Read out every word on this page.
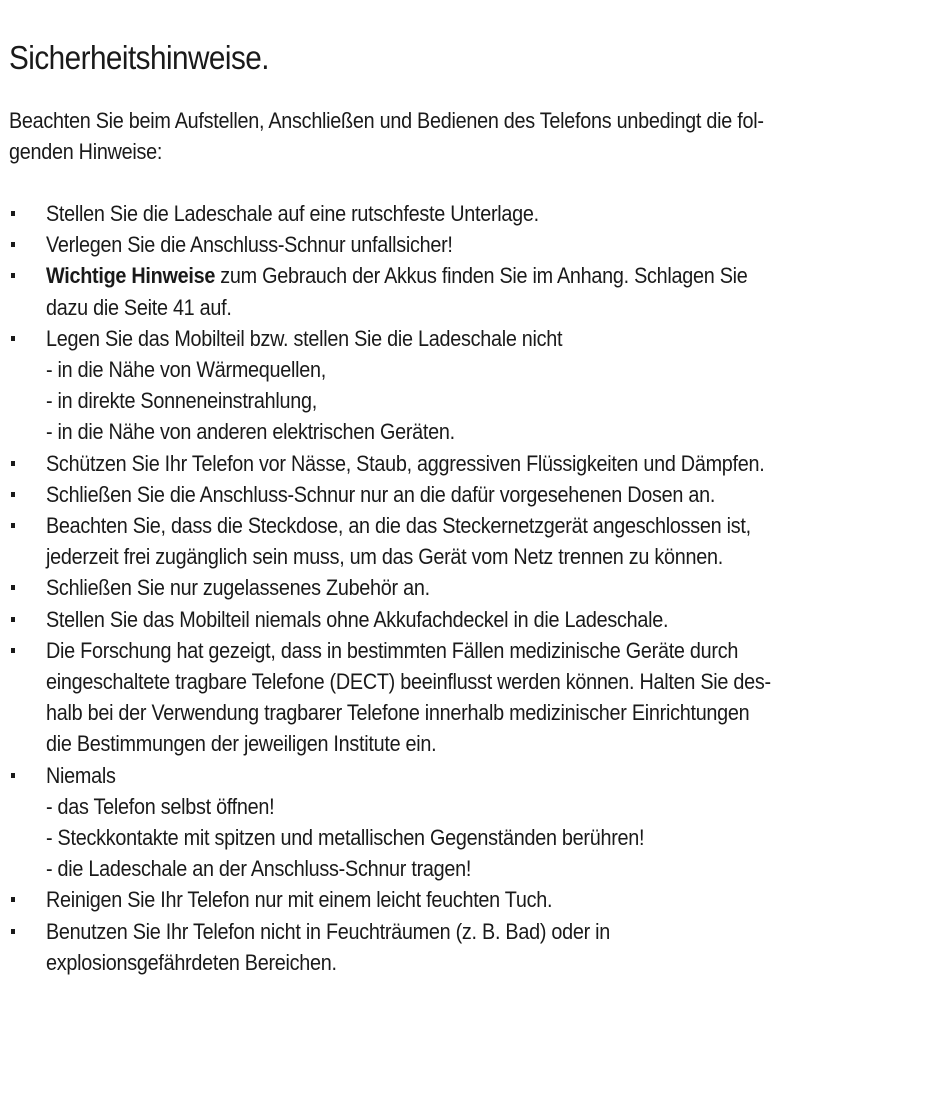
Sicherheitshinweise.
Beachten Sie beim Aufstellen, Anschließen und Bedienen des Telefons unbedingt die fol-
genden Hinweise:
Stellen Sie die Ladeschale auf eine rutschfeste Unterlage.
Verlegen Sie die Anschluss-Schnur unfallsicher!
Wichtige Hinweise zum Gebrauch der Akkus finden Sie im Anhang. Schlagen Sie
dazu die Seite 41 auf.
Legen Sie das Mobilteil bzw. stellen Sie die Ladeschale nicht
- in die Nähe von Wärmequellen,
- in direkte Sonneneinstrahlung,
- in die Nähe von anderen elektrischen Geräten.
Schützen Sie Ihr Telefon vor Nässe, Staub, aggressiven Flüssigkeiten und Dämpfen.
Schließen Sie die Anschluss-Schnur nur an die dafür vorgesehenen Dosen an.
Beachten Sie, dass die Steckdose, an die das Steckernetzgerät angeschlossen ist,
jederzeit frei zugänglich sein muss, um das Gerät vom Netz trennen zu können.
Schließen Sie nur zugelassenes Zubehör an.
Stellen Sie das Mobilteil niemals ohne Akkufachdeckel in die Ladeschale.
Die Forschung hat gezeigt, dass in bestimmten Fällen medizinische Geräte durch
eingeschaltete tragbare Telefone (DECT) beeinflusst werden können. Halten Sie des-
halb bei der Verwendung tragbarer Telefone innerhalb medizinischer Einrichtungen
die Bestimmungen der jeweiligen Institute ein.
Niemals
- das Telefon selbst öffnen!
- Steckkontakte mit spitzen und metallischen Gegenständen berühren!
- die Ladeschale an der Anschluss-Schnur tragen!
Reinigen Sie Ihr Telefon nur mit einem leicht feuchten Tuch.
Benutzen Sie Ihr Telefon nicht in Feuchträumen (z. B. Bad) oder in
explosionsgefährdeten Bereichen.
